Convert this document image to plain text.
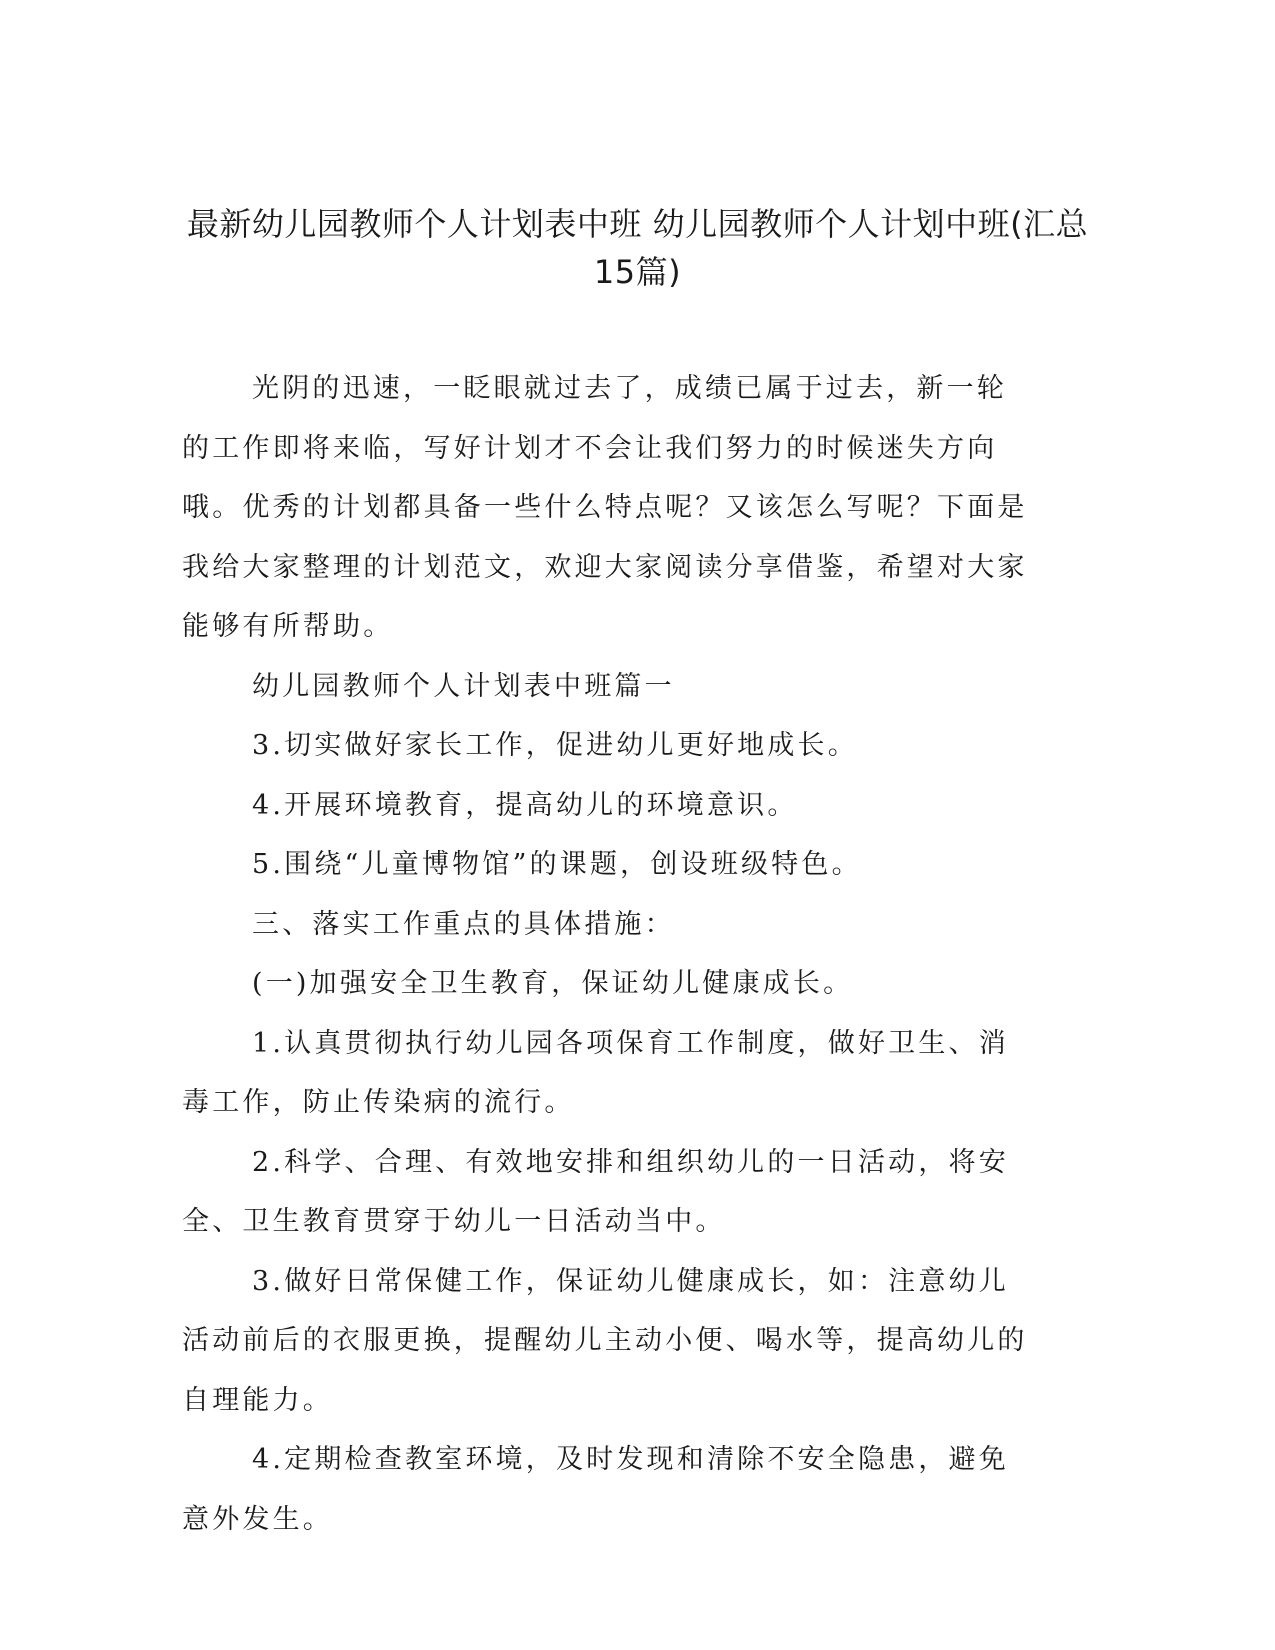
最新幼儿园教师个人计划表中班 幼儿园教师个人计划中班(汇总15篇)

光阴的迅速，一眨眼就过去了，成绩已属于过去，新一轮的工作即将来临，写好计划才不会让我们努力的时候迷失方向哦。优秀的计划都具备一些什么特点呢？又该怎么写呢？下面是我给大家整理的计划范文，欢迎大家阅读分享借鉴，希望对大家能够有所帮助。

幼儿园教师个人计划表中班篇一

3.切实做好家长工作，促进幼儿更好地成长。

4.开展环境教育，提高幼儿的环境意识。

5.围绕“儿童博物馆”的课题，创设班级特色。

三、落实工作重点的具体措施：

(一)加强安全卫生教育，保证幼儿健康成长。

1.认真贯彻执行幼儿园各项保育工作制度，做好卫生、消毒工作，防止传染病的流行。

2.科学、合理、有效地安排和组织幼儿的一日活动，将安全、卫生教育贯穿于幼儿一日活动当中。

3.做好日常保健工作，保证幼儿健康成长，如：注意幼儿活动前后的衣服更换，提醒幼儿主动小便、喝水等，提高幼儿的自理能力。

4.定期检查教室环境，及时发现和清除不安全隐患，避免意外发生。
